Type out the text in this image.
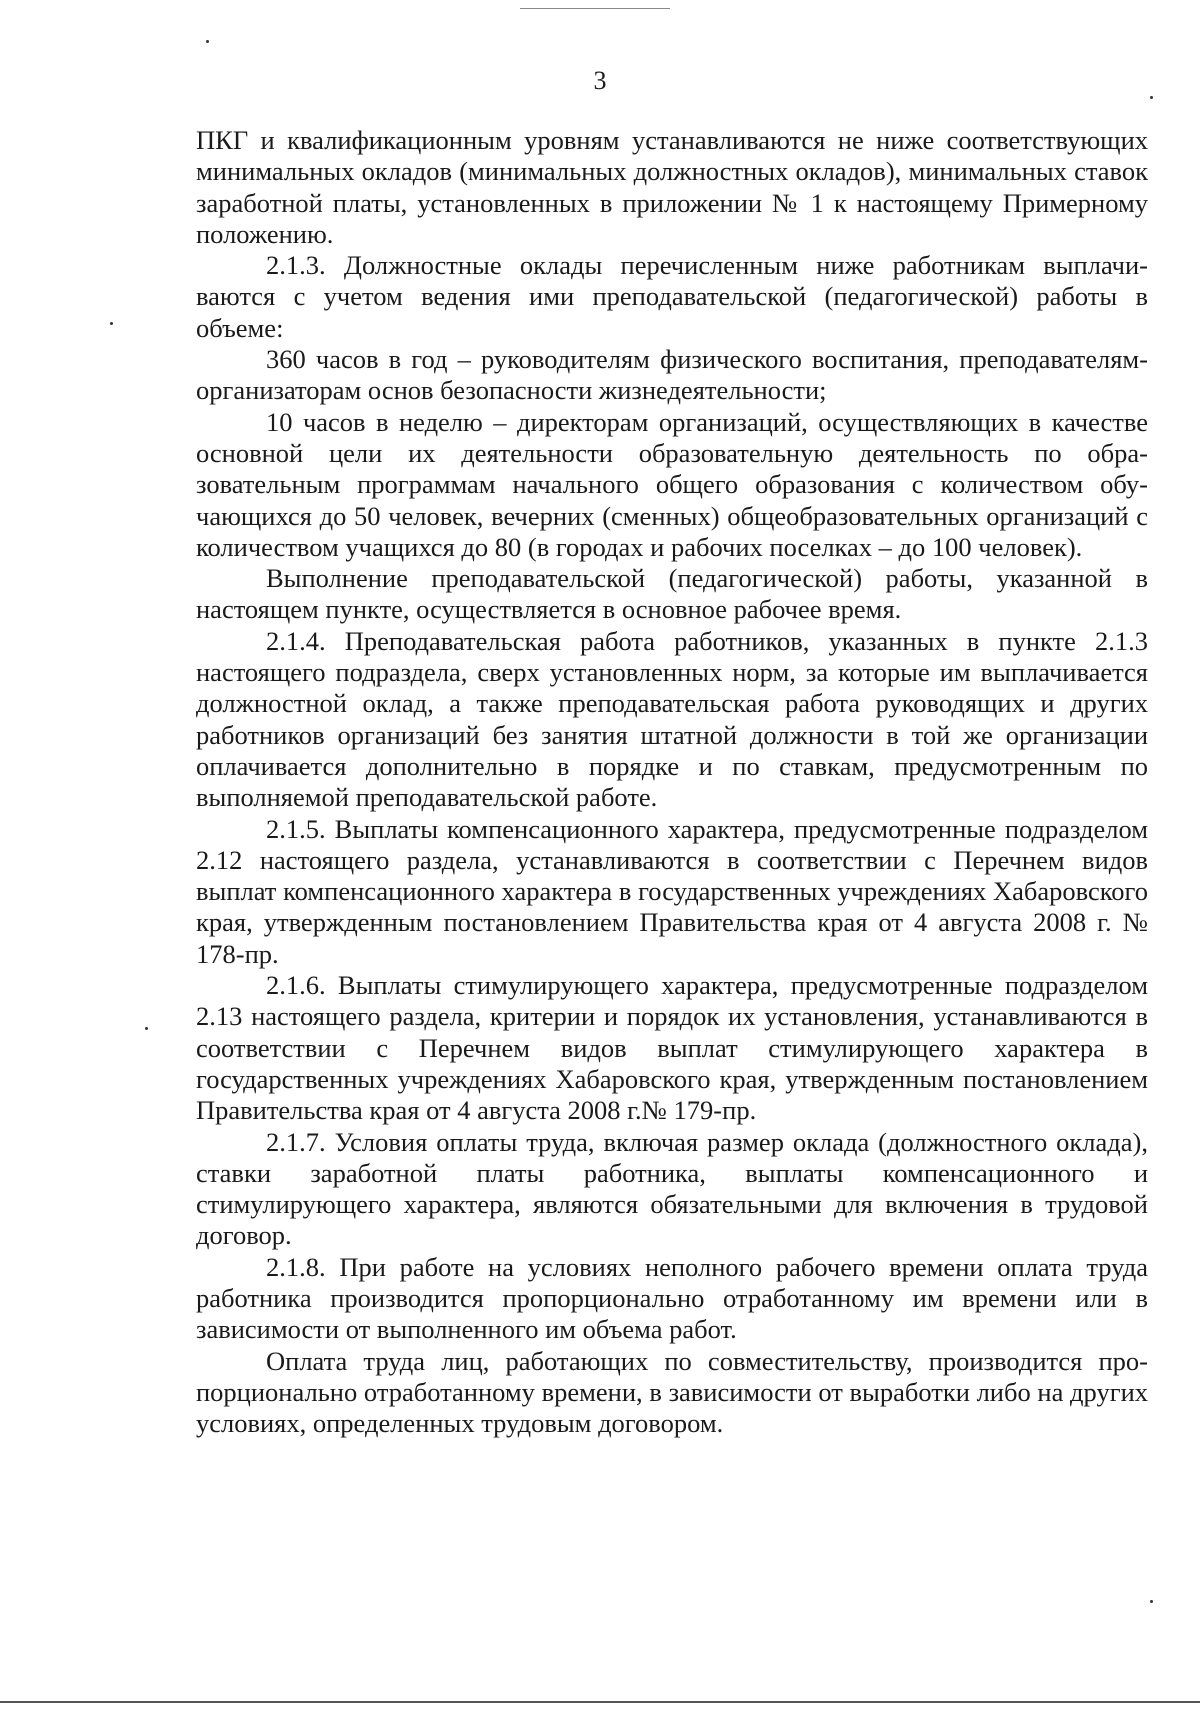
3

ПКГ и квалификационным уровням устанавливаются не ниже соответствующих минимальных окладов (минимальных должностных окладов), минимальных ставок заработной платы, установленных в приложении № 1 к настоящему Примерному положению.

2.1.3. Должностные оклады перечисленным ниже работникам выплачиваются с учетом ведения ими преподавательской (педагогической) работы в объеме:

360 часов в год – руководителям физического воспитания, преподавателям-организаторам основ безопасности жизнедеятельности;

10 часов в неделю – директорам организаций, осуществляющих в качестве основной цели их деятельности образовательную деятельность по образовательным программам начального общего образования с количеством обучающихся до 50 человек, вечерних (сменных) общеобразовательных организаций с количеством учащихся до 80 (в городах и рабочих поселках – до 100 человек).

Выполнение преподавательской (педагогической) работы, указанной в настоящем пункте, осуществляется в основное рабочее время.

2.1.4. Преподавательская работа работников, указанных в пункте 2.1.3 настоящего подраздела, сверх установленных норм, за которые им выплачивается должностной оклад, а также преподавательская работа руководящих и других работников организаций без занятия штатной должности в той же организации оплачивается дополнительно в порядке и по ставкам, предусмотренным по выполняемой преподавательской работе.

2.1.5. Выплаты компенсационного характера, предусмотренные подразделом 2.12 настоящего раздела, устанавливаются в соответствии с Перечнем видов выплат компенсационного характера в государственных учреждениях Хабаровского края, утвержденным постановлением Правительства края от 4 августа 2008 г. № 178-пр.

2.1.6. Выплаты стимулирующего характера, предусмотренные подразделом 2.13 настоящего раздела, критерии и порядок их установления, устанавливаются в соответствии с Перечнем видов выплат стимулирующего характера в государственных учреждениях Хабаровского края, утвержденным постановлением Правительства края от 4 августа 2008 г.№ 179-пр.

2.1.7. Условия оплаты труда, включая размер оклада (должностного оклада), ставки заработной платы работника, выплаты компенсационного и стимулирующего характера, являются обязательными для включения в трудовой договор.

2.1.8. При работе на условиях неполного рабочего времени оплата труда работника производится пропорционально отработанному им времени или в зависимости от выполненного им объема работ.

Оплата труда лиц, работающих по совместительству, производится пропорционально отработанному времени, в зависимости от выработки либо на других условиях, определенных трудовым договором.
